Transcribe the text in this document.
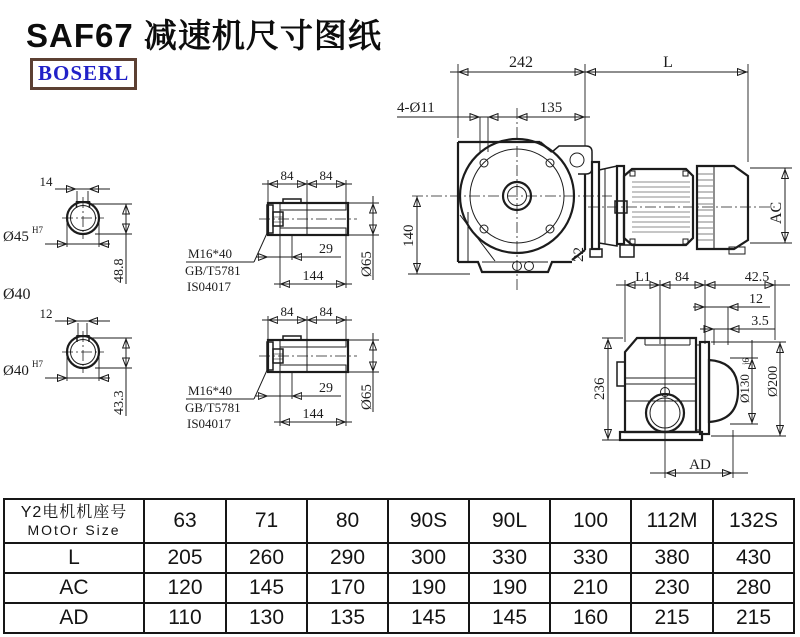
SAF67 减速机尺寸图纸
BOSERL
14
Ø45 H7
48.8
Ø40
12
Ø40 H7
43.3
84 84
29
144 Ø65
M16*40
GB/T5781
IS04017
84 84
29
144
Ø65
M16*40
GB/T5781
IS04017
242	L
4-Ø11	135
140
22
AC
L1 84	42.5
12
3.5
236	Ø130
j6
Ø200
AD
Y2电机机座号
MOtOr Size	63	71	80	90S	90L	100	112M	132S
L	205	260	290	300	330	330	380	430
AC	120	145	170	190	190	210	230	280
AD	110	130	135	145	145	160	215	215
